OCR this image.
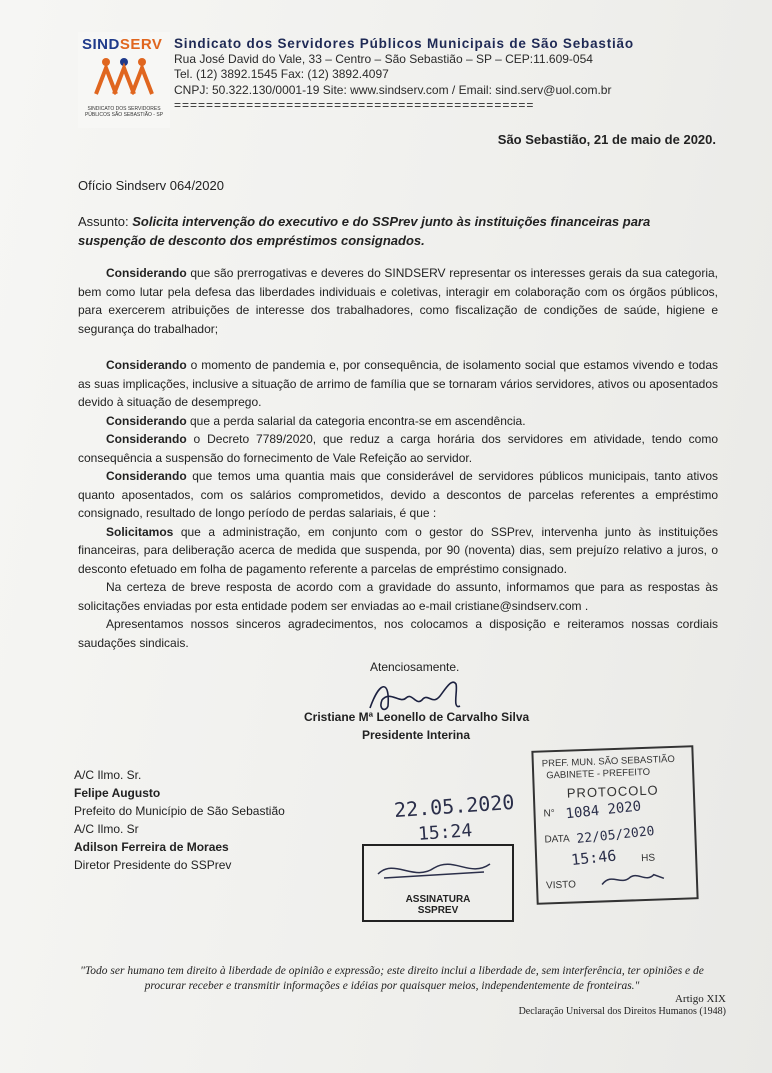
SINDSERV
SINDICATO DOS SERVIDORES PÚBLICOS SÃO SEBASTIÃO - SP
Sindicato dos Servidores Públicos Municipais de São Sebastião
Rua José David do Vale, 33 – Centro – São Sebastião – SP – CEP:11.609-054
Tel. (12) 3892.1545 Fax: (12) 3892.4097
CNPJ: 50.322.130/0001-19 Site: www.sindserv.com / Email: sind.serv@uol.com.br
=============================================
São Sebastião, 21 de maio de 2020.
Ofício Sindserv 064/2020
Assunto: Solicita intervenção do executivo e do SSPrev junto às instituições financeiras para suspenção de desconto dos empréstimos consignados.

Considerando que são prerrogativas e deveres do SINDSERV representar os interesses gerais da sua categoria, bem como lutar pela defesa das liberdades individuais e coletivas, interagir em colaboração com os órgãos públicos, para exercerem atribuições de interesse dos trabalhadores, como fiscalização de condições de saúde, higiene e segurança do trabalhador;

Considerando o momento de pandemia e, por consequência, de isolamento social que estamos vivendo e todas as suas implicações, inclusive a situação de arrimo de família que se tornaram vários servidores, ativos ou aposentados devido à situação de desemprego.

Considerando que a perda salarial da categoria encontra-se em ascendência.

Considerando o Decreto 7789/2020, que reduz a carga horária dos servidores em atividade, tendo como consequência a suspensão do fornecimento de Vale Refeição ao servidor.

Considerando que temos uma quantia mais que considerável de servidores públicos municipais, tanto ativos quanto aposentados, com os salários comprometidos, devido a descontos de parcelas referentes a empréstimo consignado, resultado de longo período de perdas salariais, é que :

Solicitamos que a administração, em conjunto com o gestor do SSPrev, intervenha junto às instituições financeiras, para deliberação acerca de medida que suspenda, por 90 (noventa) dias, sem prejuízo relativo a juros, o desconto efetuado em folha de pagamento referente a parcelas de empréstimo consignado.

Na certeza de breve resposta de acordo com a gravidade do assunto, informamos que para as respostas às solicitações enviadas por esta entidade podem ser enviadas ao e-mail cristiane@sindserv.com .

Apresentamos nossos sinceros agradecimentos, nos colocamos a disposição e reiteramos nossas cordiais saudações sindicais.

Atenciosamente.
Cristiane Mª Leonello de Carvalho Silva
Presidente Interina
A/C Ilmo. Sr.
Felipe Augusto
Prefeito do Município de São Sebastião
A/C Ilmo. Sr
Adilson Ferreira de Moraes
Diretor Presidente do SSPrev
22.05.2020
15:24
ASSINATURA
SSPREV
PREF. MUN. SÃO SEBASTIÃO
GABINETE - PREFEITO
PROTOCOLO
N° 1084 2020
DATA 22/05/2020
15:46 HS
VISTO
"Todo ser humano tem direito à liberdade de opinião e expressão; este direito inclui a liberdade de, sem interferência, ter opiniões e de procurar receber e transmitir informações e idéias por quaisquer meios, independentemente de fronteiras."
Artigo XIX
Declaração Universal dos Direitos Humanos (1948)
